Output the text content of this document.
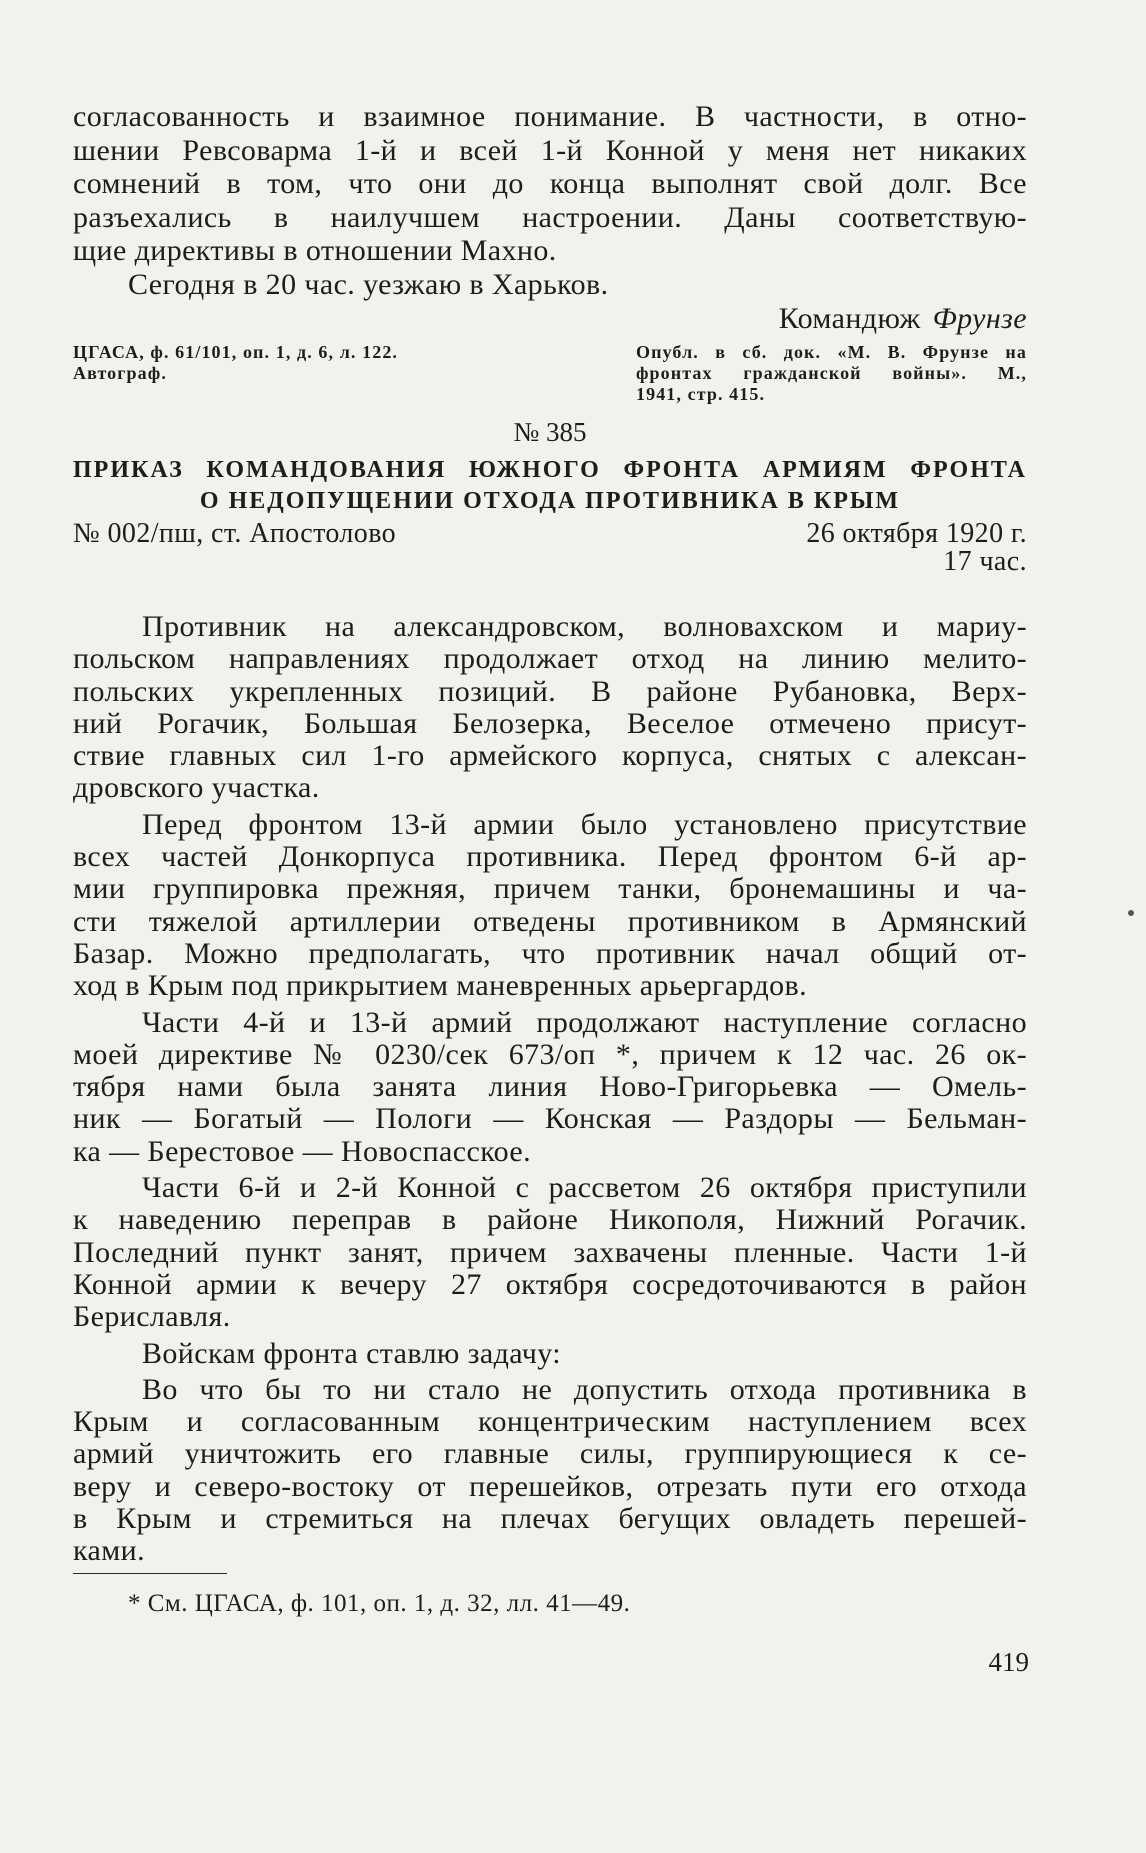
согласованность и взаимное понимание. В частности, в отно-
шении Ревсоварма 1-й и всей 1-й Конной у меня нет никаких
сомнений в том, что они до конца выполнят свой долг. Все
разъехались в наилучшем настроении. Даны соответствую-
щие директивы в отношении Махно.
Сегодня в 20 час. уезжаю в Харьков.
Командюж Фрунзе
ЦГАСА, ф. 61/101, оп. 1, д. 6, л. 122.
Автограф.
Опубл. в сб. док. «М. В. Фрунзе на
фронтах гражданской войны». М.,
1941, стр. 415.
№ 385
ПРИКАЗ КОМАНДОВАНИЯ ЮЖНОГО ФРОНТА АРМИЯМ ФРОНТА
О НЕДОПУЩЕНИИ ОТХОДА ПРОТИВНИКА В КРЫМ
№ 002/пш, ст. Апостолово	26 октября 1920 г.
17 час.
Противник на александровском, волновахском и мариу-
польском направлениях продолжает отход на линию мелито-
польских укрепленных позиций. В районе Рубановка, Верх-
ний Рогачик, Большая Белозерка, Веселое отмечено присут-
ствие главных сил 1-го армейского корпуса, снятых с алексан-
дровского участка.
Перед фронтом 13-й армии было установлено присутствие
всех частей Донкорпуса противника. Перед фронтом 6-й ар-
мии группировка прежняя, причем танки, бронемашины и ча-
сти тяжелой артиллерии отведены противником в Армянский
Базар. Можно предполагать, что противник начал общий от-
ход в Крым под прикрытием маневренных арьергардов.
Части 4-й и 13-й армий продолжают наступление согласно
моей директиве № 0230/сек 673/оп *, причем к 12 час. 26 ок-
тября нами была занята линия Ново-Григорьевка — Омель-
ник — Богатый — Пологи — Конская — Раздоры — Бельман-
ка — Берестовое — Новоспасское.
Части 6-й и 2-й Конной с рассветом 26 октября приступили
к наведению переправ в районе Никополя, Нижний Рогачик.
Последний пункт занят, причем захвачены пленные. Части 1-й
Конной армии к вечеру 27 октября сосредоточиваются в район
Бериславля.
Войскам фронта ставлю задачу:
Во что бы то ни стало не допустить отхода противника в
Крым и согласованным концентрическим наступлением всех
армий уничтожить его главные силы, группирующиеся к се-
веру и северо-востоку от перешейков, отрезать пути его отхода
в Крым и стремиться на плечах бегущих овладеть перешей-
ками.
* См. ЦГАСА, ф. 101, оп. 1, д. 32, лл. 41—49.
419
